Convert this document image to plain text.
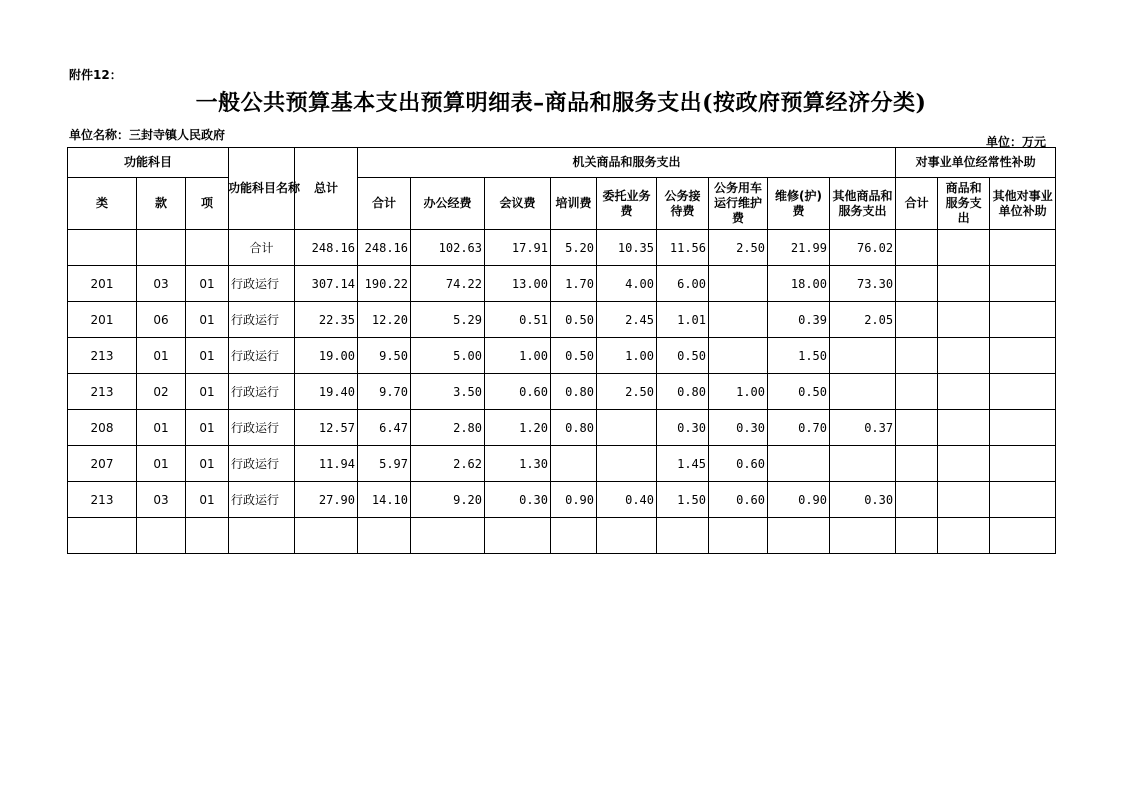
附件12：
一般公共预算基本支出预算明细表–商品和服务支出(按政府预算经济分类)
单位名称：三封寺镇人民政府	单位：万元
功能科目			功能科目名称	总计	机关商品和服务支出									对事业单位经常性补助		
类	款	项			合计	办公经费	会议费	培训费	委托业务费	公务接待费	公务用车运行维护费	维修(护)费	其他商品和服务支出	合计	商品和服务支出	其他对事业单位补助
			合计	248.16	248.16	102.63	17.91	5.20	10.35	11.56	2.50	21.99	76.02			
201	03	01	行政运行	307.14	190.22	74.22	13.00	1.70	4.00	6.00		18.00	73.30			
201	06	01	行政运行	22.35	12.20	5.29	0.51	0.50	2.45	1.01		0.39	2.05			
213	01	01	行政运行	19.00	9.50	5.00	1.00	0.50	1.00	0.50		1.50				
213	02	01	行政运行	19.40	9.70	3.50	0.60	0.80	2.50	0.80	1.00	0.50				
208	01	01	行政运行	12.57	6.47	2.80	1.20	0.80		0.30	0.30	0.70	0.37			
207	01	01	行政运行	11.94	5.97	2.62	1.30			1.45	0.60					
213	03	01	行政运行	27.90	14.10	9.20	0.30	0.90	0.40	1.50	0.60	0.90	0.30			
